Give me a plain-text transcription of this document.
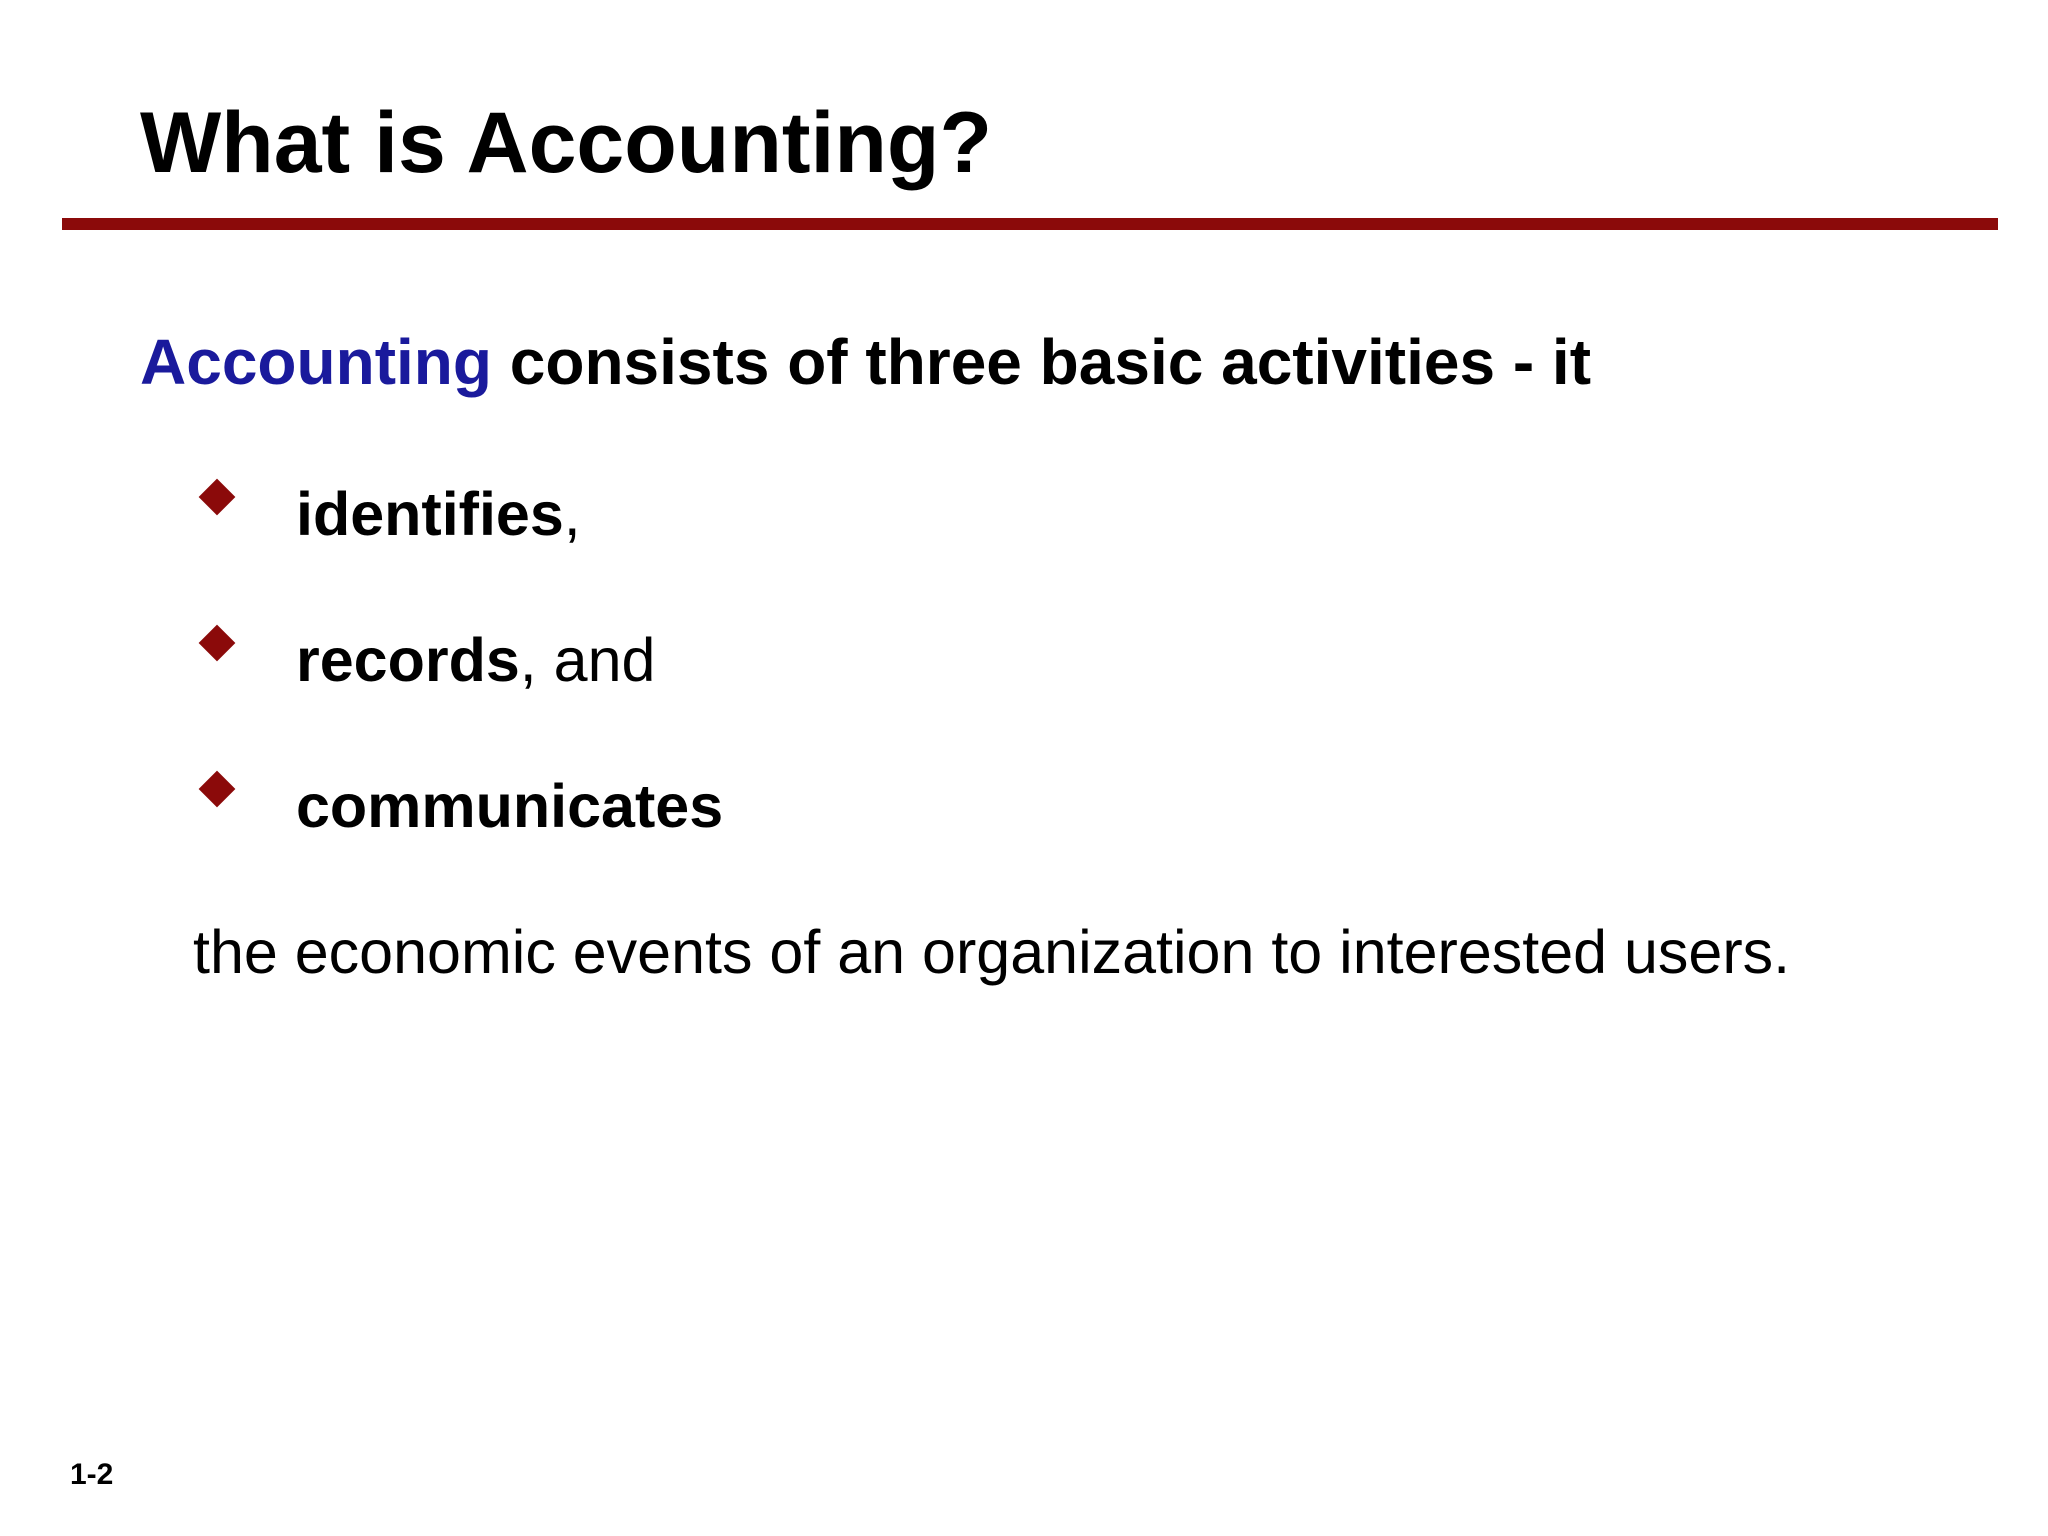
What is Accounting?
Accounting consists of three basic activities - it
identifies,
records, and
communicates
the economic events of an organization to interested users.
1-2
